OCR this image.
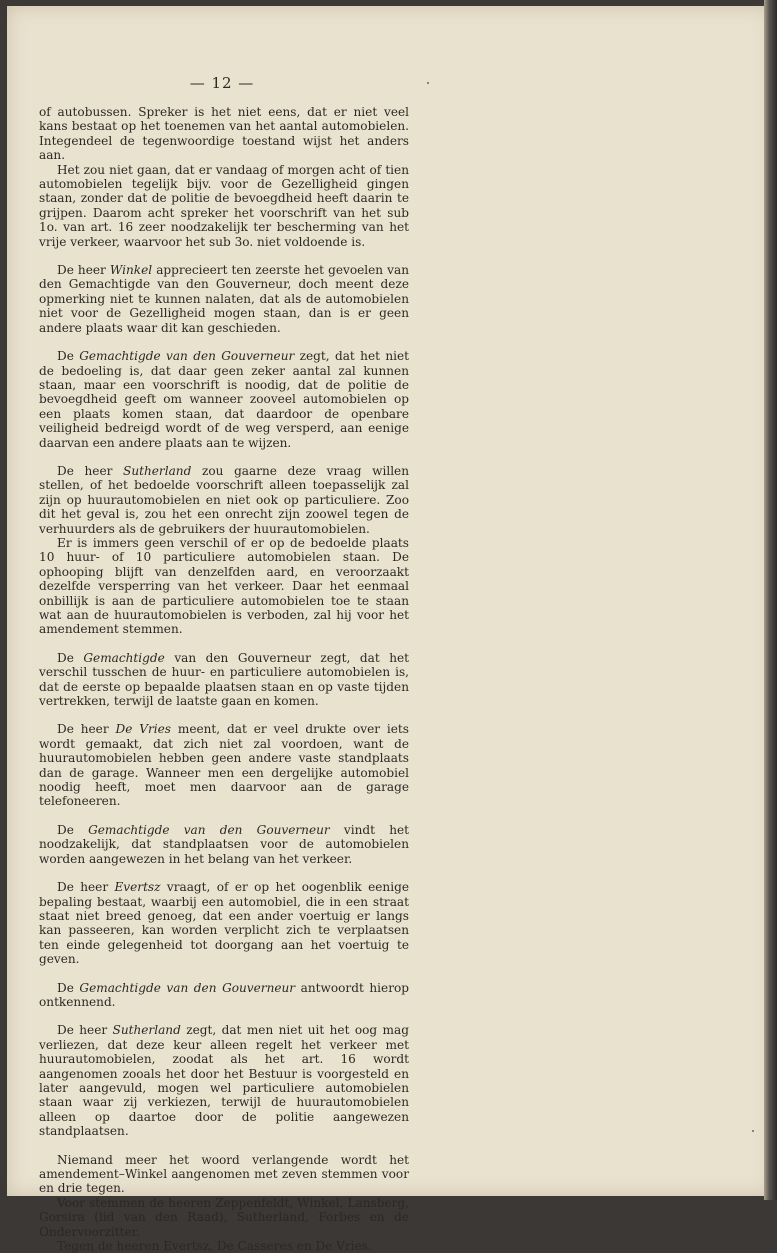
— 12 —

of autobussen. Spreker is het niet eens, dat er niet veel kans bestaat op het toenemen van het aantal automobielen. Integendeel de tegenwoordige toestand wijst het anders aan.

Het zou niet gaan, dat er vandaag of morgen acht of tien automobielen tegelijk bijv. voor de Gezelligheid gingen staan, zonder dat de politie de bevoegdheid heeft daarin te grijpen. Daarom acht spreker het voorschrift van het sub 1o. van art. 16 zeer noodzakelijk ter bescherming van het vrije verkeer, waarvoor het sub 3o. niet voldoende is.

De heer Winkel apprecieert ten zeerste het gevoelen van den Gemachtigde van den Gouverneur, doch meent deze opmerking niet te kunnen nalaten, dat als de automobielen niet voor de Gezelligheid mogen staan, dan is er geen andere plaats waar dit kan geschieden.

De Gemachtigde van den Gouverneur zegt, dat het niet de bedoeling is, dat daar geen zeker aantal zal kunnen staan, maar een voorschrift is noodig, dat de politie de bevoegdheid geeft om wanneer zooveel automobielen op een plaats komen staan, dat daardoor de openbare veiligheid bedreigd wordt of de weg versperd, aan eenige daarvan een andere plaats aan te wijzen.

De heer Sutherland zou gaarne deze vraag willen stellen, of het bedoelde voorschrift alleen toepasselijk zal zijn op huurautomobielen en niet ook op particuliere. Zoo dit het geval is, zou het een onrecht zijn zoowel tegen de verhuurders als de gebruikers der huurautomobielen.

Er is immers geen verschil of er op de bedoelde plaats 10 huur- of 10 particuliere automobielen staan. De ophooping blijft van denzelfden aard, en veroorzaakt dezelfde versperring van het verkeer. Daar het eenmaal onbillijk is aan de particuliere automobielen toe te staan wat aan de huurautomobielen is verboden, zal hij voor het amendement stemmen.

De Gemachtigde van den Gouverneur zegt, dat het verschil tusschen de huur- en particuliere automobielen is, dat de eerste op bepaalde plaatsen staan en op vaste tijden vertrekken, terwijl de laatste gaan en komen.

De heer De Vries meent, dat er veel drukte over iets wordt gemaakt, dat zich niet zal voordoen, want de huurautomobielen hebben geen andere vaste standplaats dan de garage. Wanneer men een dergelijke automobiel noodig heeft, moet men daarvoor aan de garage telefoneeren.

De Gemachtigde van den Gouverneur vindt het noodzakelijk, dat standplaatsen voor de automobielen worden aangewezen in het belang van het verkeer.

De heer Evertsz vraagt, of er op het oogenblik eenige bepaling bestaat, waarbij een automobiel, die in een straat staat niet breed genoeg, dat een ander voertuig er langs kan passeeren, kan worden verplicht zich te verplaatsen ten einde gelegenheid tot doorgang aan het voertuig te geven.

De Gemachtigde van den Gouverneur antwoordt hierop ontkennend.

De heer Sutherland zegt, dat men niet uit het oog mag verliezen, dat deze keur alleen regelt het verkeer met huurautomobielen, zoodat als het art. 16 wordt aangenomen zooals het door het Bestuur is voorgesteld en later aangevuld, mogen wel particuliere automobielen staan waar zij verkiezen, terwijl de huurautomobielen alleen op daartoe door de politie aangewezen standplaatsen.

Niemand meer het woord verlangende wordt het amendement–Winkel aangenomen met zeven stemmen voor en drie tegen.

Voor stemmen de heeren Zeppenfeldt, Winkel, Lansberg, Gorsira (lid van den Raad), Sutherland, Forbes en de Ondervoorzitter.

Tegen de heeren Evertsz, De Casseres en De Vries.
